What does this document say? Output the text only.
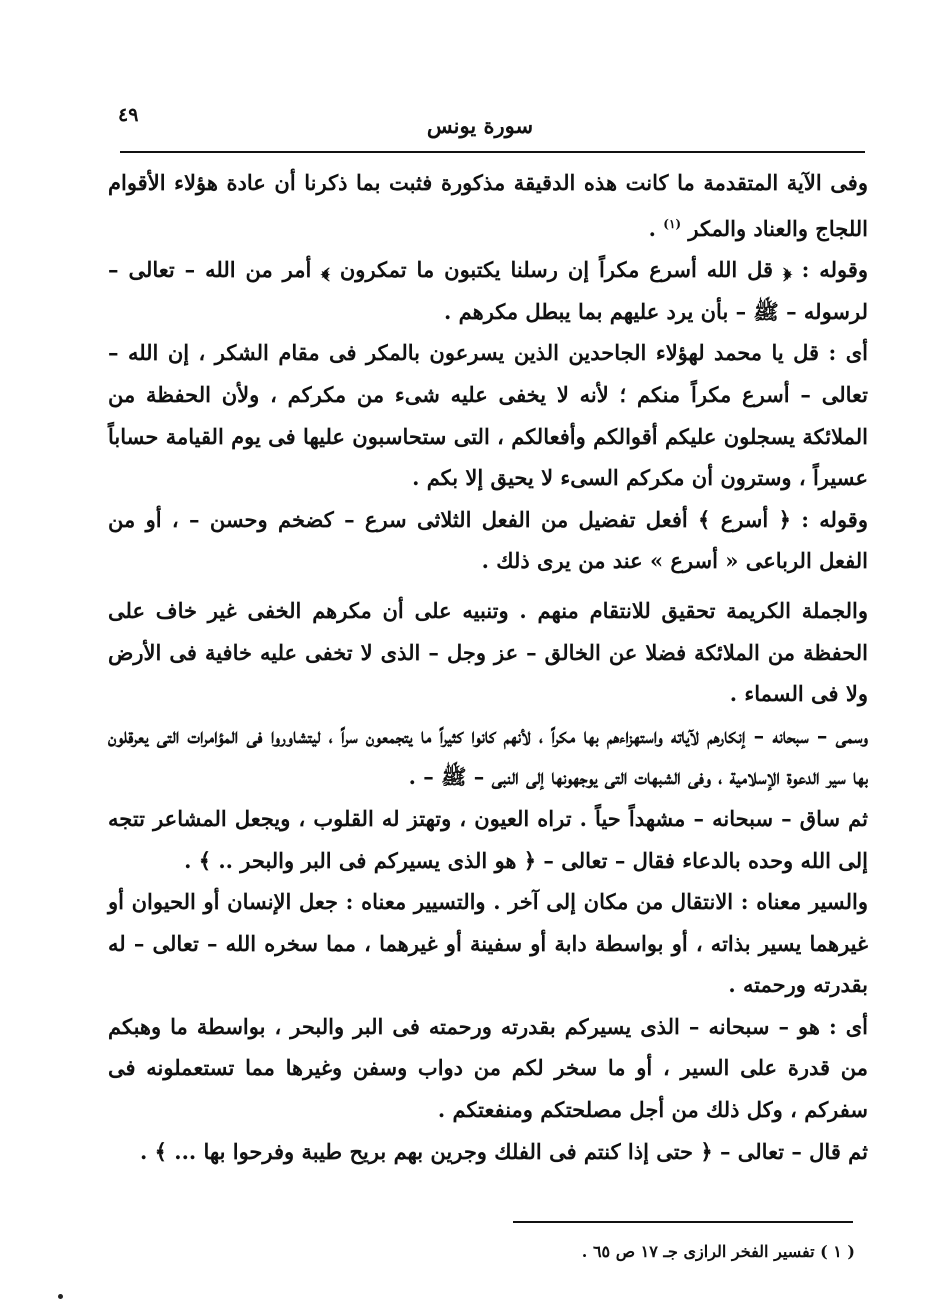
٤٩	سورة يونس

وفى الآية المتقدمة ما كانت هذه الدقيقة مذكورة فثبت بما ذكرنا أن عادة هؤلاء الأقوام اللجاج والعناد والمكر $^{(١)}$ .

وقوله : ﴿ قل الله أسرع مكراً إن رسلنا يكتبون ما تمكرون ﴾ أمر من الله – تعالى – لرسوله – ﷺ – بأن يرد عليهم بما يبطل مكرهم .

أى : قل يا محمد لهؤلاء الجاحدين الذين يسرعون بالمكر فى مقام الشكر ، إن الله – تعالى – أسرع مكراً منكم ؛ لأنه لا يخفى عليه شىء من مكركم ، ولأن الحفظة من الملائكة يسجلون عليكم أقوالكم وأفعالكم ، التى ستحاسبون عليها فى يوم القيامة حساباً عسيراً ، وسترون أن مكركم السىء لا يحيق إلا بكم .

وقوله : ﴿ أسرع ﴾ أفعل تفضيل من الفعل الثلاثى سرع – كضخم وحسن – ، أو من الفعل الرباعى « أسرع » عند من يرى ذلك .

والجملة الكريمة تحقيق للانتقام منهم . وتنبيه على أن مكرهم الخفى غير خاف على الحفظة من الملائكة فضلا عن الخالق – عز وجل – الذى لا تخفى عليه خافية فى الأرض ولا فى السماء .

وسمى – سبحانه – إنكارهم لآياته واستهزاءهم بها مكراً ، لأنهم كانوا كثيراً ما يتجمعون سراً ، ليتشاوروا فى المؤامرات التى يعرقلون بها سير الدعوة الإسلامية ، وفى الشبهات التى يوجهونها إلى النبى – ﷺ – .

ثم ساق – سبحانه – مشهداً حياً . تراه العيون ، وتهتز له القلوب ، ويجعل المشاعر تتجه إلى الله وحده بالدعاء فقال – تعالى – ﴿ هو الذى يسيركم فى البر والبحر .. ﴾ .

والسير معناه : الانتقال من مكان إلى آخر . والتسيير معناه : جعل الإنسان أو الحيوان أو غيرهما يسير بذاته ، أو بواسطة دابة أو سفينة أو غيرهما ، مما سخره الله – تعالى – له بقدرته ورحمته .

أى : هو – سبحانه – الذى يسيركم بقدرته ورحمته فى البر والبحر ، بواسطة ما وهبكم من قدرة على السير ، أو ما سخر لكم من دواب وسفن وغيرها مما تستعملونه فى سفركم ، وكل ذلك من أجل مصلحتكم ومنفعتكم .

ثم قال – تعالى – ﴿ حتى إذا كنتم فى الفلك وجرين بهم بريح طيبة وفرحوا بها ... ﴾ .

( ١ ) تفسير الفخر الرازى جـ ١٧ ص ٦٥ .
